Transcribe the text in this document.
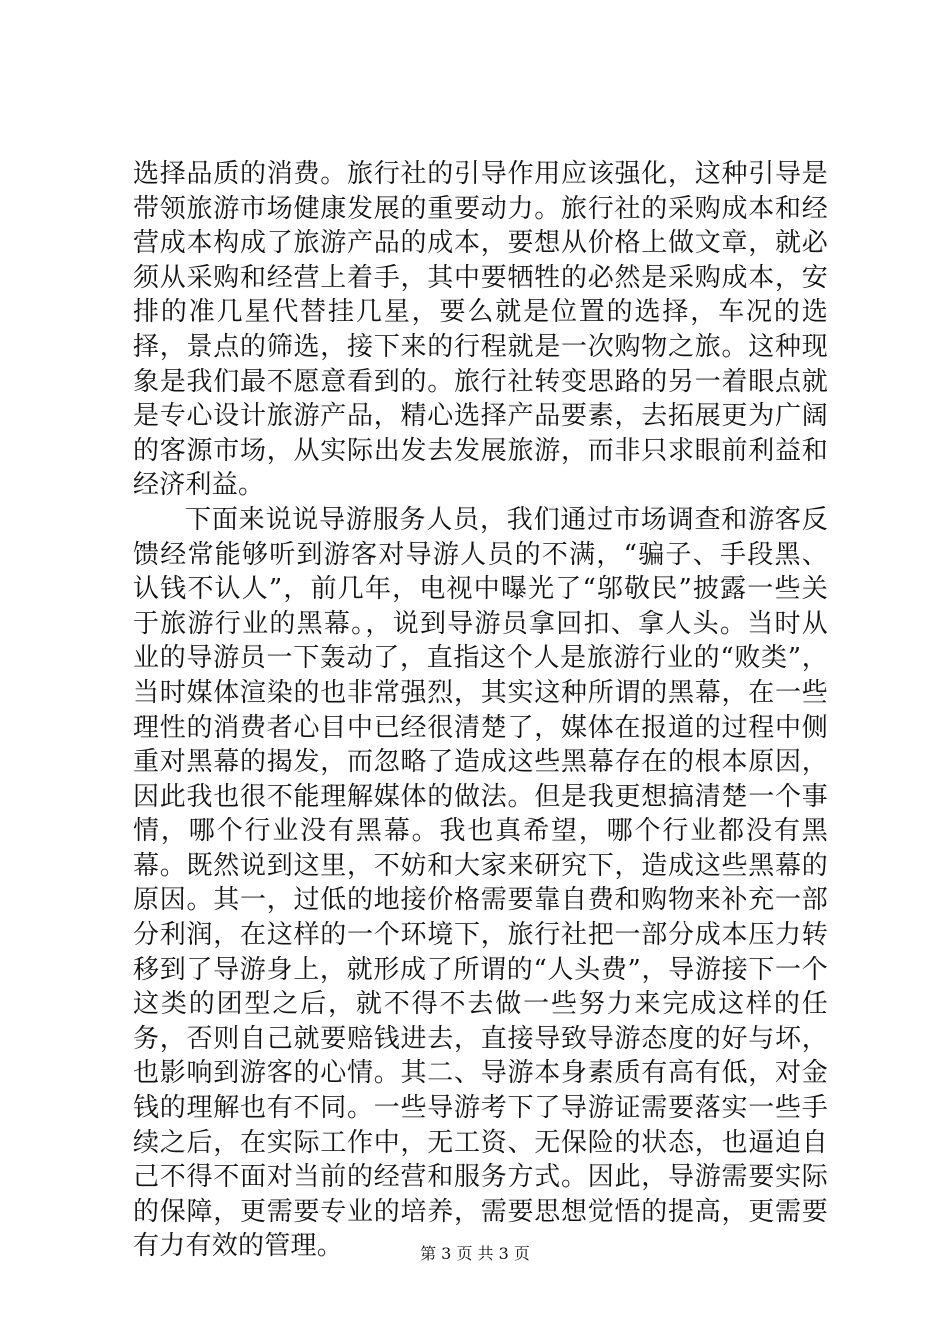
选择品质的消费。旅行社的引导作用应该强化，这种引导是带领旅游市场健康发展的重要动力。旅行社的采购成本和经营成本构成了旅游产品的成本，要想从价格上做文章，就必须从采购和经营上着手，其中要牺牲的必然是采购成本，安排的准几星代替挂几星，要么就是位置的选择，车况的选择，景点的筛选，接下来的行程就是一次购物之旅。这种现象是我们最不愿意看到的。旅行社转变思路的另一着眼点就是专心设计旅游产品，精心选择产品要素，去拓展更为广阔的客源市场，从实际出发去发展旅游，而非只求眼前利益和经济利益。

下面来说说导游服务人员，我们通过市场调查和游客反馈经常能够听到游客对导游人员的不满，“骗子、手段黑、认钱不认人”，前几年，电视中曝光了“邬敬民”披露一些关于旅游行业的黑幕。，说到导游员拿回扣、拿人头。当时从业的导游员一下轰动了，直指这个人是旅游行业的“败类”，当时媒体渲染的也非常强烈，其实这种所谓的黑幕，在一些理性的消费者心目中已经很清楚了，媒体在报道的过程中侧重对黑幕的揭发，而忽略了造成这些黑幕存在的根本原因，因此我也很不能理解媒体的做法。但是我更想搞清楚一个事情，哪个行业没有黑幕。我也真希望，哪个行业都没有黑幕。既然说到这里，不妨和大家来研究下，造成这些黑幕的原因。其一，过低的地接价格需要靠自费和购物来补充一部分利润，在这样的一个环境下，旅行社把一部分成本压力转移到了导游身上，就形成了所谓的“人头费”，导游接下一个这类的团型之后，就不得不去做一些努力来完成这样的任务，否则自己就要赔钱进去，直接导致导游态度的好与坏，也影响到游客的心情。其二、导游本身素质有高有低，对金钱的理解也有不同。一些导游考下了导游证需要落实一些手续之后，在实际工作中，无工资、无保险的状态，也逼迫自己不得不面对当前的经营和服务方式。因此，导游需要实际的保障，更需要专业的培养，需要思想觉悟的提高，更需要有力有效的管理。	第 3 页 共 3 页
